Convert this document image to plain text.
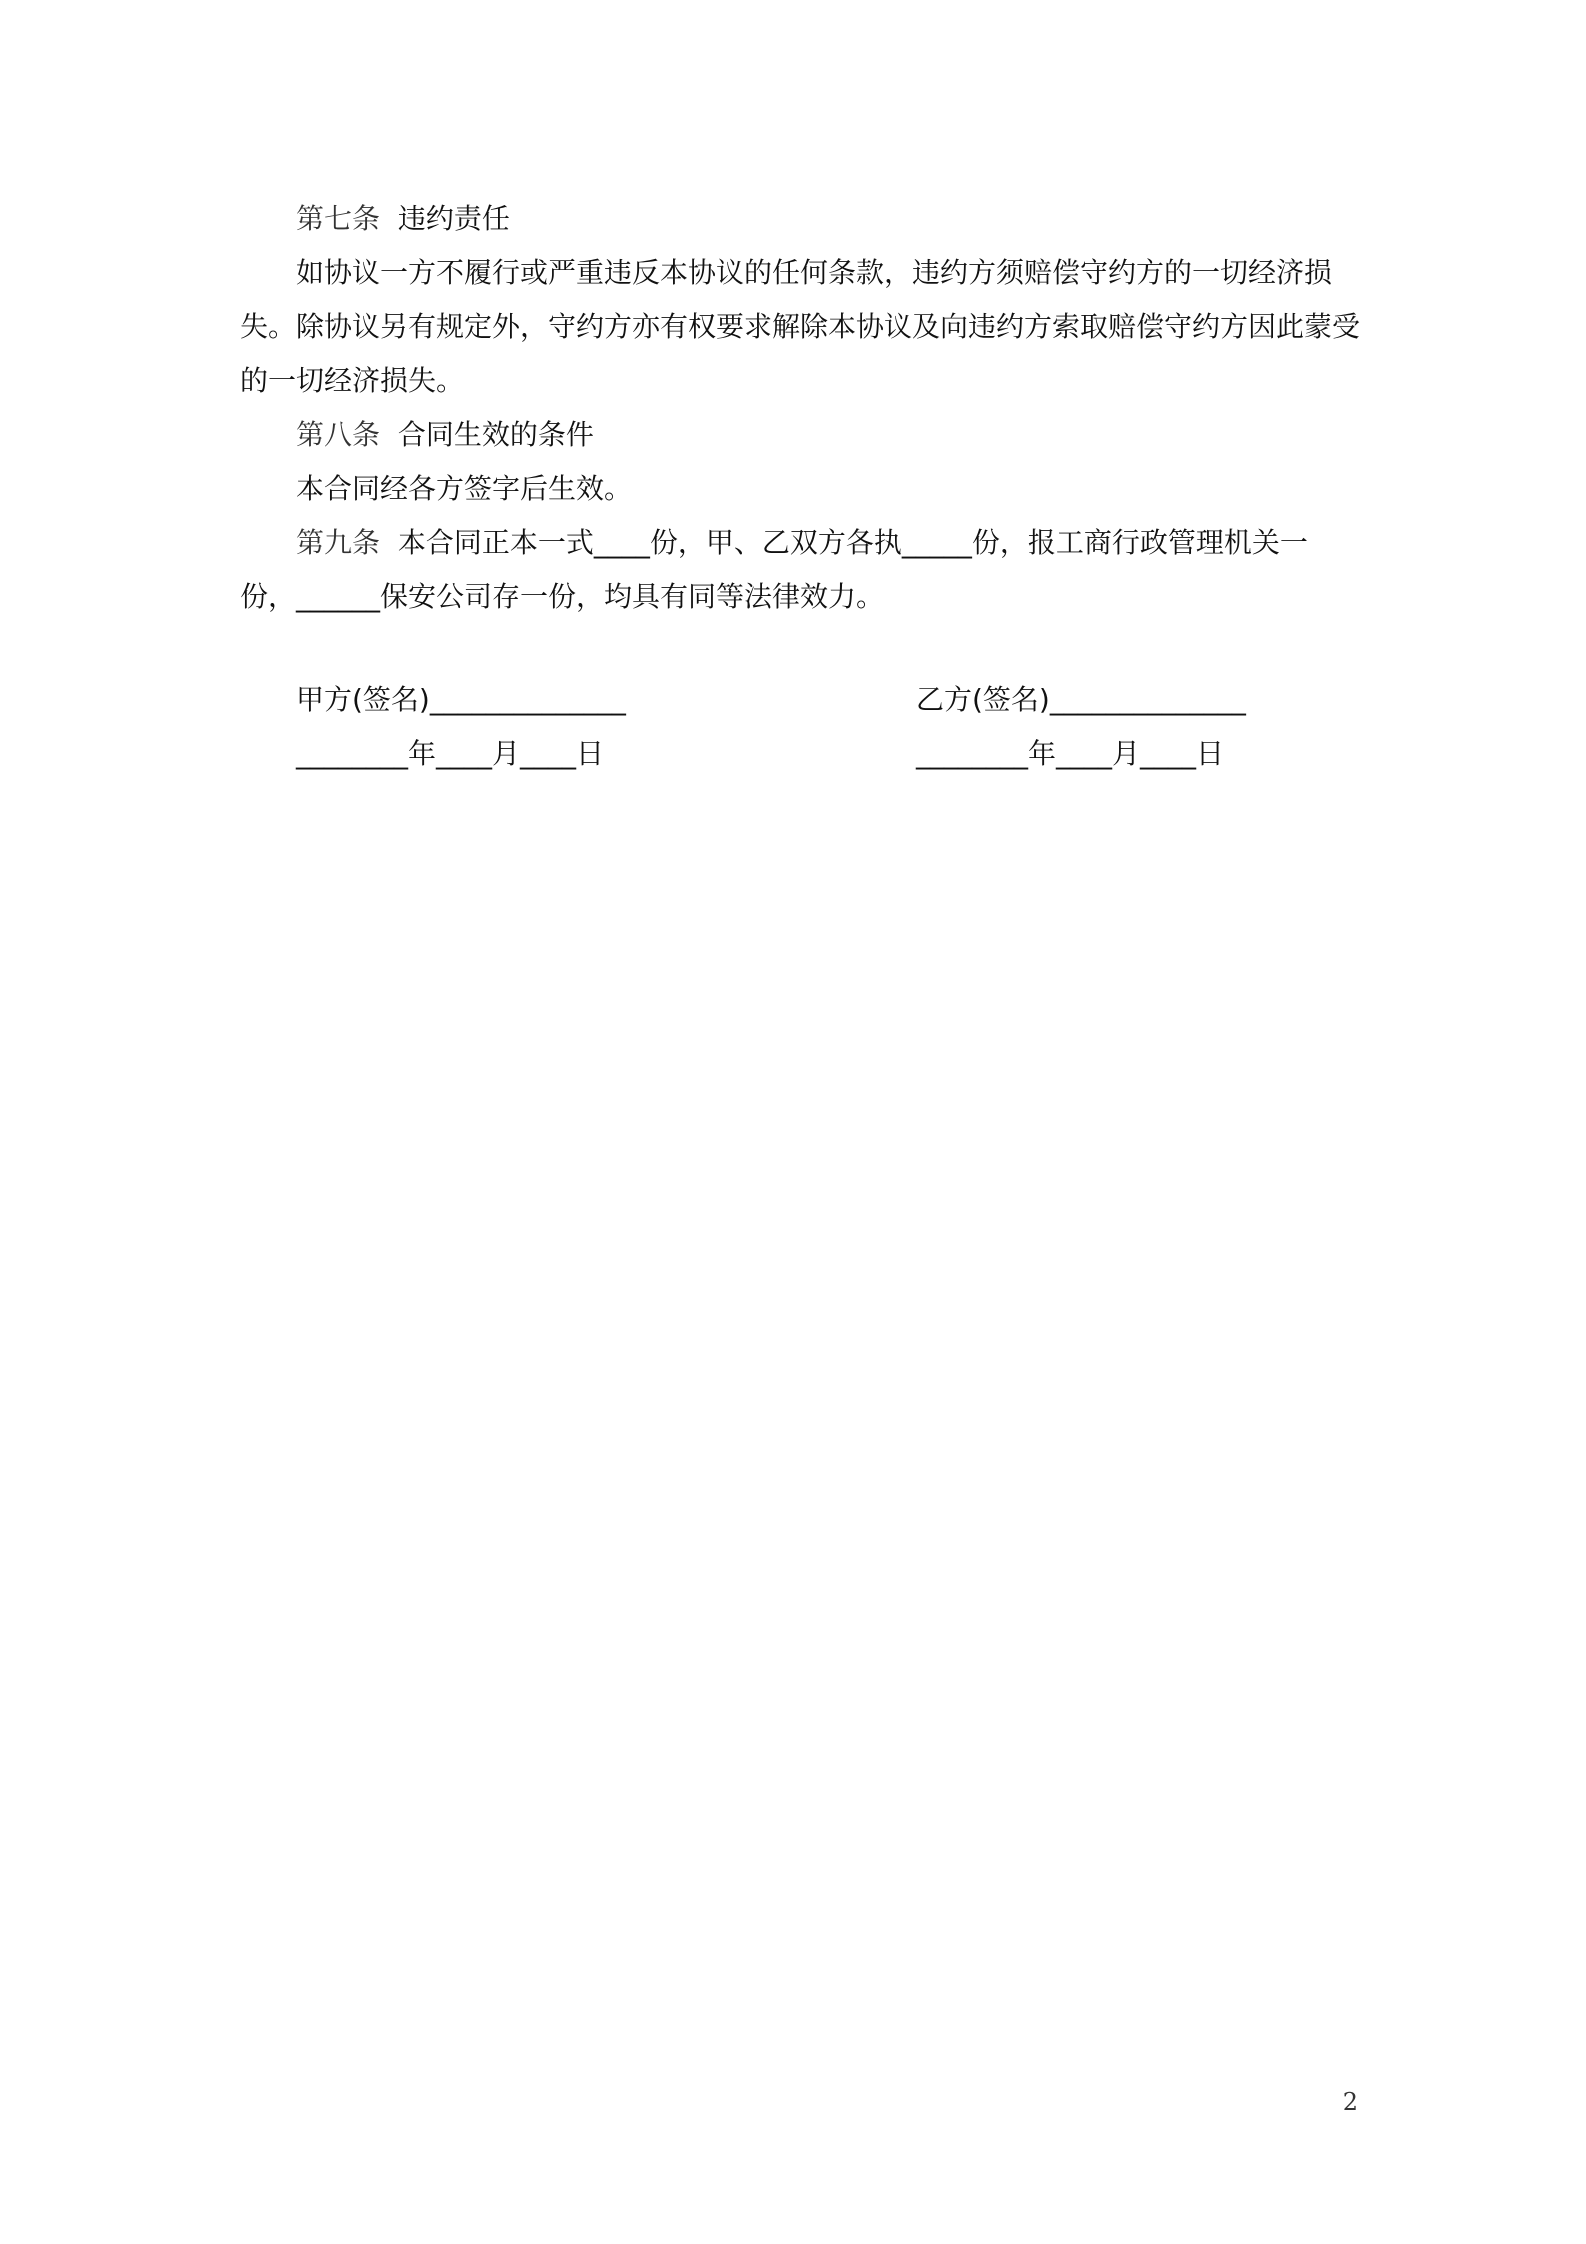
第七条 违约责任

如协议一方不履行或严重违反本协议的任何条款，违约方须赔偿守约方的一切经济损失。除协议另有规定外，守约方亦有权要求解除本协议及向违约方索取赔偿守约方因此蒙受的一切经济损失。

第八条 合同生效的条件

本合同经各方签字后生效。

第九条 本合同正本一式____份，甲、乙双方各执_____份，报工商行政管理机关一份，______保安公司存一份，均具有同等法律效力。

甲方(签名)______________
________年____月____日
乙方(签名)______________
________年____月____日
2
